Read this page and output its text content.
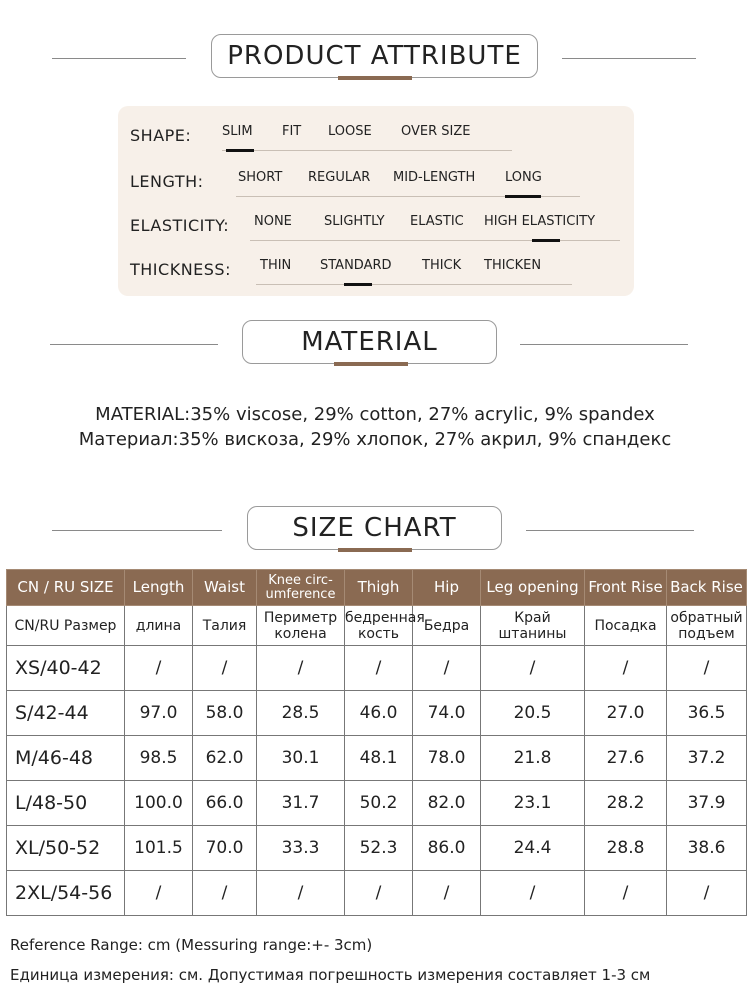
PRODUCT ATTRIBUTE
SHAPE: SLIM FIT LOOSE OVER SIZE
LENGTH:	SHORT REGULAR MID-LENGTH LONG
ELASTICITY: NONE SLIGHTLY ELASTIC HIGH ELASTICITY
THICKNESS: THIN STANDARD THICK THICKEN
MATERIAL
MATERIAL:35% viscose, 29% cotton, 27% acrylic, 9% spandex
Материал:35% вискоза, 29% хлопок, 27% акрил, 9% спандекс
SIZE CHART
CN / RU SIZE	Length	Waist	Knee circ-umference	Thigh	Hip	Leg opening	Front Rise	Back Rise
CN/RU Размер	длина	Талия	Периметр колена	бедренная кость	Бедра	Край штанины	Посадка	обратный подъем
XS/40-42	/	/	/	/	/	/	/	/
S/42-44	97.0	58.0	28.5	46.0	74.0	20.5	27.0	36.5
M/46-48	98.5	62.0	30.1	48.1	78.0	21.8	27.6	37.2
L/48-50	100.0	66.0	31.7	50.2	82.0	23.1	28.2	37.9
XL/50-52	101.5	70.0	33.3	52.3	86.0	24.4	28.8	38.6
2XL/54-56	/	/	/	/	/	/	/	/
Reference Range: cm (Messuring range:+- 3cm)
Единица измерения: см. Допустимая погрешность измерения составляет 1-3 см
